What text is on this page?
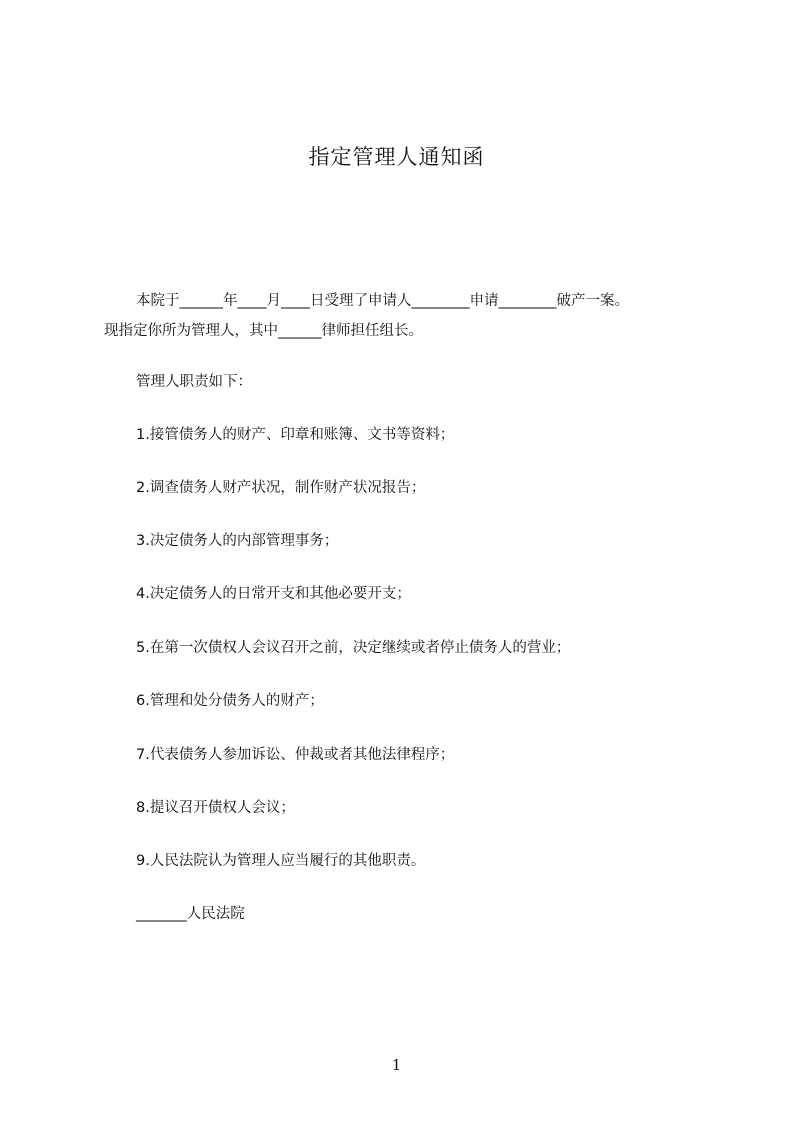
指定管理人通知函
本院于______年____月____日受理了申请人________申请________破产一案。
现指定你所为管理人，其中______律师担任组长。
管理人职责如下：
1.接管债务人的财产、印章和账簿、文书等资料；
2.调查债务人财产状况，制作财产状况报告；
3.决定债务人的内部管理事务；
4.决定债务人的日常开支和其他必要开支；
5.在第一次债权人会议召开之前，决定继续或者停止债务人的营业；
6.管理和处分债务人的财产；
7.代表债务人参加诉讼、仲裁或者其他法律程序；
8.提议召开债权人会议；
9.人民法院认为管理人应当履行的其他职责。
_______人民法院
1
